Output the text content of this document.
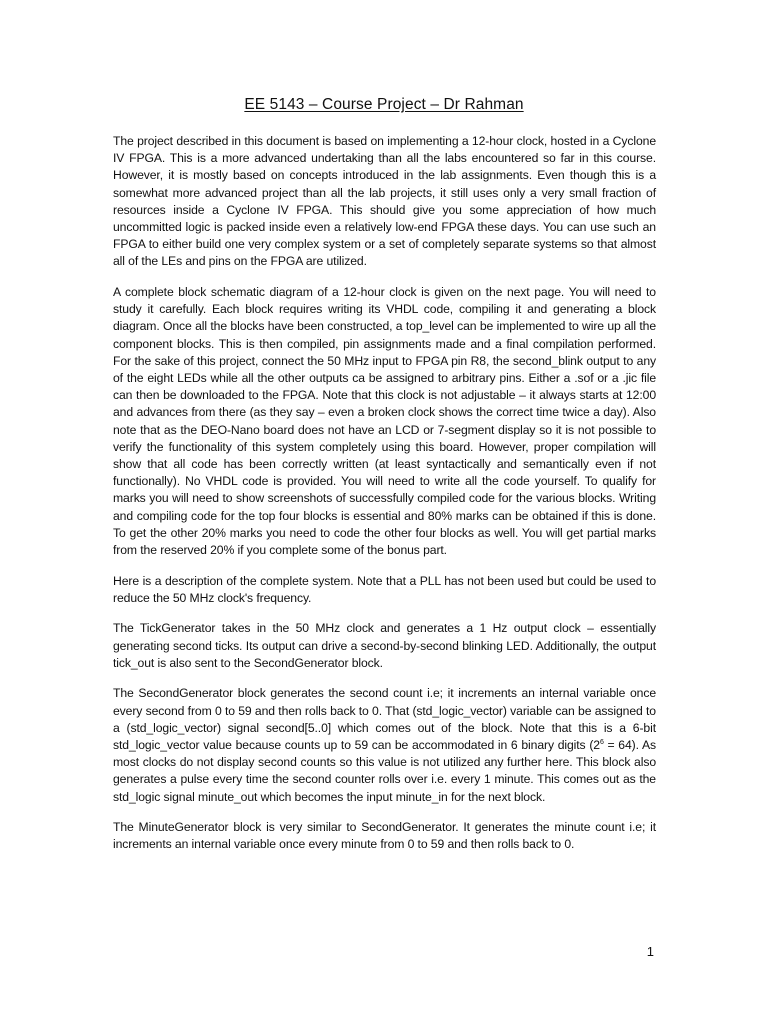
EE 5143 – Course Project – Dr Rahman

The project described in this document is based on implementing a 12-hour clock, hosted in a Cyclone IV FPGA. This is a more advanced undertaking than all the labs encountered so far in this course. However, it is mostly based on concepts introduced in the lab assignments. Even though this is a somewhat more advanced project than all the lab projects, it still uses only a very small fraction of resources inside a Cyclone IV FPGA. This should give you some appreciation of how much uncommitted logic is packed inside even a relatively low-end FPGA these days. You can use such an FPGA to either build one very complex system or a set of completely separate systems so that almost all of the LEs and pins on the FPGA are utilized.

A complete block schematic diagram of a 12-hour clock is given on the next page. You will need to study it carefully. Each block requires writing its VHDL code, compiling it and generating a block diagram. Once all the blocks have been constructed, a top_level can be implemented to wire up all the component blocks. This is then compiled, pin assignments made and a final compilation performed. For the sake of this project, connect the 50 MHz input to FPGA pin R8, the second_blink output to any of the eight LEDs while all the other outputs ca be assigned to arbitrary pins. Either a .sof or a .jic file can then be downloaded to the FPGA. Note that this clock is not adjustable – it always starts at 12:00 and advances from there (as they say – even a broken clock shows the correct time twice a day). Also note that as the DEO-Nano board does not have an LCD or 7-segment display so it is not possible to verify the functionality of this system completely using this board. However, proper compilation will show that all code has been correctly written (at least syntactically and semantically even if not functionally). No VHDL code is provided. You will need to write all the code yourself. To qualify for marks you will need to show screenshots of successfully compiled code for the various blocks. Writing and compiling code for the top four blocks is essential and 80% marks can be obtained if this is done. To get the other 20% marks you need to code the other four blocks as well. You will get partial marks from the reserved 20% if you complete some of the bonus part.

Here is a description of the complete system. Note that a PLL has not been used but could be used to reduce the 50 MHz clock's frequency.

The TickGenerator takes in the 50 MHz clock and generates a 1 Hz output clock – essentially generating second ticks. Its output can drive a second-by-second blinking LED. Additionally, the output tick_out is also sent to the SecondGenerator block.

The SecondGenerator block generates the second count i.e; it increments an internal variable once every second from 0 to 59 and then rolls back to 0. That (std_logic_vector) variable can be assigned to a (std_logic_vector) signal second[5..0] which comes out of the block. Note that this is a 6-bit std_logic_vector value because counts up to 59 can be accommodated in 6 binary digits $(2^6 = 64)$. As most clocks do not display second counts so this value is not utilized any further here. This block also generates a pulse every time the second counter rolls over i.e. every 1 minute. This comes out as the std_logic signal minute_out which becomes the input minute_in for the next block.

The MinuteGenerator block is very similar to SecondGenerator. It generates the minute count i.e; it increments an internal variable once every minute from 0 to 59 and then rolls back to 0.

1
